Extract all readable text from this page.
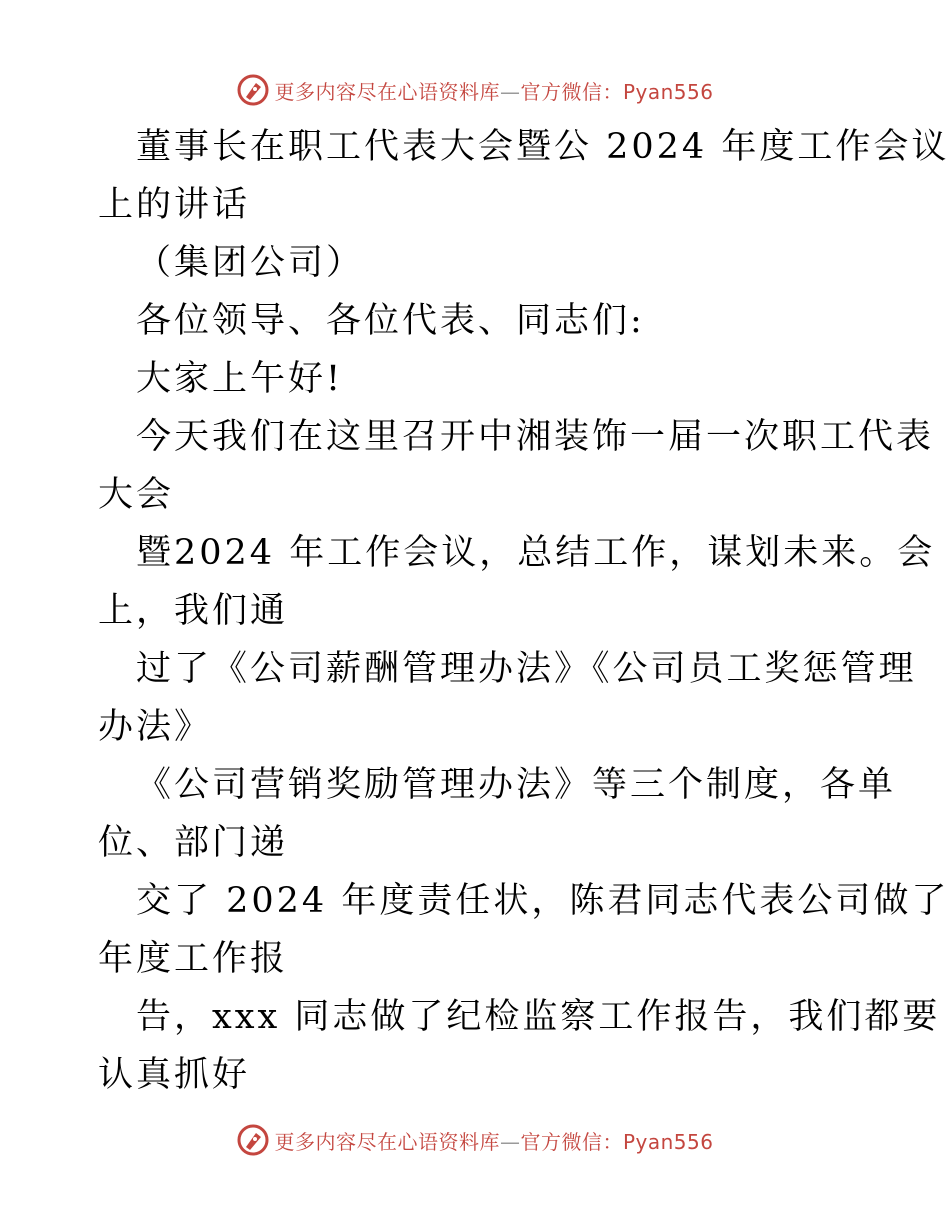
更多内容尽在心语资料库—官方微信：Pyan556
董事长在职工代表大会暨公 2024 年度工作会议
上的讲话
（集团公司）
各位领导、各位代表、同志们:
大家上午好!
今天我们在这里召开中湘装饰一届一次职工代表
大会
暨2024 年工作会议，总结工作，谋划未来。会
上，我们通
过了《公司薪酬管理办法》《公司员工奖惩管理
办法》
《公司营销奖励管理办法》等三个制度，各单
位、部门递
交了 2024 年度责任状，陈君同志代表公司做了
年度工作报
告，xxx 同志做了纪检监察工作报告，我们都要
认真抓好
更多内容尽在心语资料库—官方微信：Pyan556
